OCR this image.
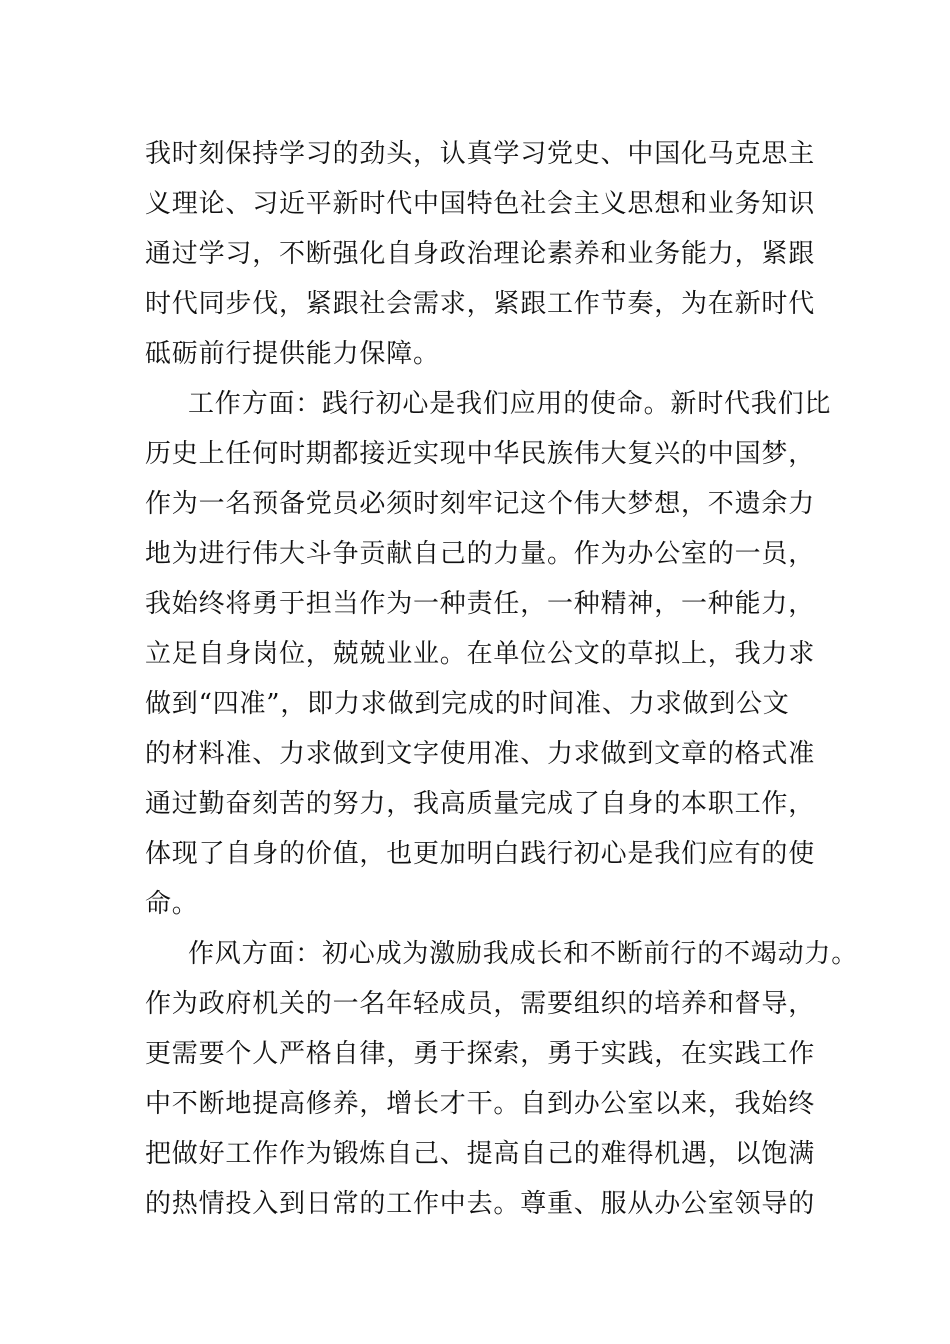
我时刻保持学习的劲头，认真学习党史、中国化马克思主
义理论、习近平新时代中国特色社会主义思想和业务知识
通过学习，不断强化自身政治理论素养和业务能力，紧跟
时代同步伐，紧跟社会需求，紧跟工作节奏，为在新时代
砥砺前行提供能力保障。
工作方面：践行初心是我们应用的使命。新时代我们比
历史上任何时期都接近实现中华民族伟大复兴的中国梦，
作为一名预备党员必须时刻牢记这个伟大梦想，不遗余力
地为进行伟大斗争贡献自己的力量。作为办公室的一员，
我始终将勇于担当作为一种责任，一种精神，一种能力，
立足自身岗位，兢兢业业。在单位公文的草拟上，我力求
做到“四准”，即力求做到完成的时间准、力求做到公文
的材料准、力求做到文字使用准、力求做到文章的格式准
通过勤奋刻苦的努力，我高质量完成了自身的本职工作，
体现了自身的价值，也更加明白践行初心是我们应有的使
命。
作风方面：初心成为激励我成长和不断前行的不竭动力。
作为政府机关的一名年轻成员，需要组织的培养和督导，
更需要个人严格自律，勇于探索，勇于实践，在实践工作
中不断地提高修养，增长才干。自到办公室以来，我始终
把做好工作作为锻炼自己、提高自己的难得机遇，以饱满
的热情投入到日常的工作中去。尊重、服从办公室领导的
